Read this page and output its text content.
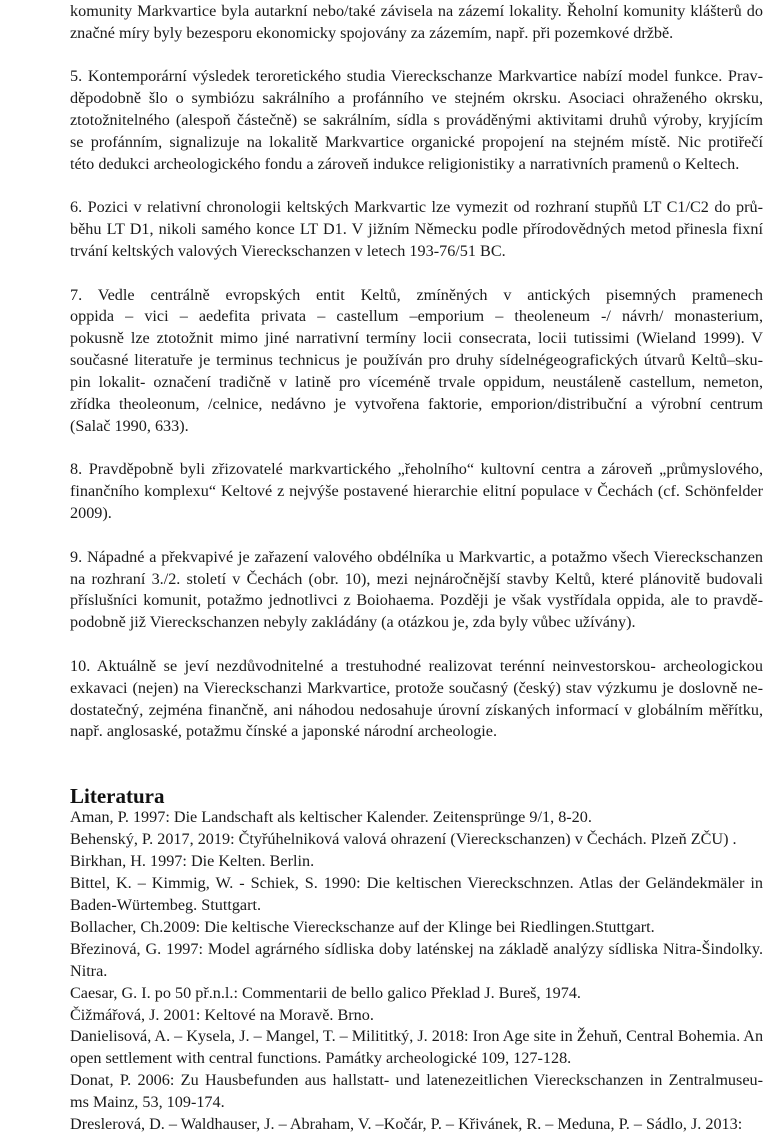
komunity Markvartice byla autarkní nebo/také závisela na zázemí lokality. Řeholní komunity klášterů do
značné míry byly bezesporu ekonomicky spojovány za zázemím, např. při pozemkové držbě.
5. Kontemporární výsledek teroretického studia Viereckschanze Markvartice nabízí model funkce. Prav-
děpodobně šlo o symbiózu sakrálního a profánního ve stejném okrsku. Asociaci ohraženého okrsku,
ztotožnitelného (alespoň částečně) se sakrálním, sídla s prováděnými aktivitami druhů výroby, kryjícím
se profánním, signalizuje na lokalitě Markvartice organické propojení na stejném místě. Nic protiřečí
této dedukci archeologického fondu a zároveň indukce religionistiky a narrativních pramenů o Keltech.
6. Pozici v relativní chronologii keltských Markvartic lze vymezit od rozhraní stupňů LT C1/C2 do prů-
běhu LT D1, nikoli samého konce LT D1. V jižním Německu podle přírodovědných metod přinesla fixní
trvání keltských valových Viereckschanzen v letech 193-76/51 BC.
7. Vedle centrálně evropských entit Keltů, zmíněných v antických pisemných pramenech
oppida – vici – aedefita privata – castellum –emporium – theoleneum -/ návrh/ monasterium,
pokusně lze ztotožnit mimo jiné narrativní termíny locii consecrata, locii tutissimi (Wieland 1999). V
současné literatuře je terminus technicus je používán pro druhy sídelnégeografických útvarů Keltů–sku-
pin lokalit- označení tradičně v latině pro víceméně trvale oppidum, neustáleně castellum, nemeton,
zřídka theoleonum, /celnice, nedávno je vytvořena faktorie, emporion/distribuční a výrobní centrum
(Salač 1990, 633).
8. Pravděpobně byli zřizovatelé markvartického „řeholního“ kultovní centra a zároveň „průmyslového,
finančního komplexu“ Keltové z nejvýše postavené hierarchie elitní populace v Čechách (cf. Schönfelder
2009).
9. Nápadné a překvapivé je zařazení valového obdélníka u Markvartic, a potažmo všech Viereckschanzen
na rozhraní 3./2. století v Čechách (obr. 10), mezi nejnáročnější stavby Keltů, které plánovitě budovali
příslušníci komunit, potažmo jednotlivci z Boiohaema. Později je však vystřídala oppida, ale to pravdě-
podobně již Viereckschanzen nebyly zakládány (a otázkou je, zda byly vůbec užívány).
10. Aktuálně se jeví nezdůvodnitelné a trestuhodné realizovat terénní neinvestorskou- archeologickou
exkavaci (nejen) na Viereckschanzi Markvartice, protože současný (český) stav výzkumu je doslovně ne-
dostatečný, zejména finančně, ani náhodou nedosahuje úrovní získaných informací v globálním měřítku,
např. anglosaské, potažmu čínské a japonské národní archeologie.
Literatura
Aman, P. 1997: Die Landschaft als keltischer Kalender. Zeitensprünge 9/1, 8-20.
Behenský, P. 2017, 2019: Čtyřúhelniková valová ohrazení (Viereckschanzen) v Čechách. Plzeň ZČU) .
Birkhan, H. 1997: Die Kelten. Berlin.
Bittel, K. – Kimmig, W. - Schiek, S. 1990: Die keltischen Viereckschnzen. Atlas der Geländekmäler in
Baden-Würtembeg. Stuttgart.
Bollacher, Ch.2009: Die keltische Viereckschanze auf der Klinge bei Riedlingen.Stuttgart.
Březinová, G. 1997: Model agrárného sídliska doby laténskej na základě analýzy sídliska Nitra-Šindolky.
Nitra.
Caesar, G. I. po 50 př.n.l.: Commentarii de bello galico Překlad J. Bureš, 1974.
Čižmářová, J. 2001: Keltové na Moravě. Brno.
Danielisová, A. – Kysela, J. – Mangel, T. – Milititký, J. 2018: Iron Age site in Žehuň, Central Bohemia. An
open settlement with central functions. Památky archeologické 109, 127-128.
Donat, P. 2006: Zu Hausbefunden aus hallstatt- und latenezeitlichen Viereckschanzen in Zentralmuseu-
ms Mainz, 53, 109-174.
Dreslerová, D. – Waldhauser, J. – Abraham, V. –Kočár, P. – Křivánek, R. – Meduna, P. – Sádlo, J. 2013:
